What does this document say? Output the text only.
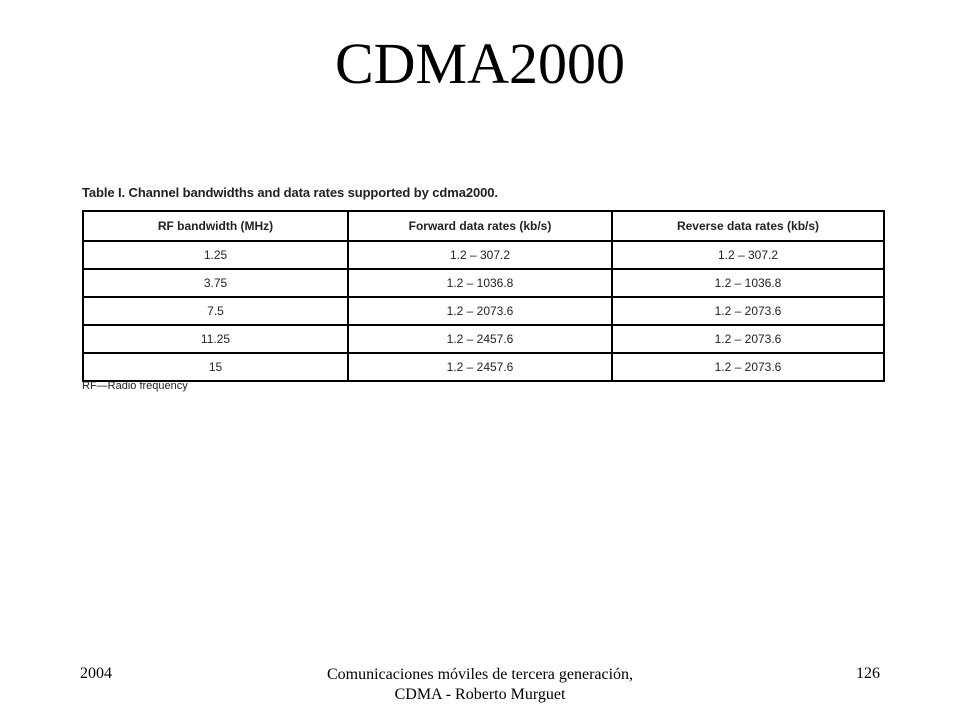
CDMA2000
Table I. Channel bandwidths and data rates supported by cdma2000.
RF bandwidth (MHz)	Forward data rates (kb/s)	Reverse data rates (kb/s)
1.25	1.2 – 307.2	1.2 – 307.2
3.75	1.2 – 1036.8	1.2 – 1036.8
7.5	1.2 – 2073.6	1.2 – 2073.6
11.25	1.2 – 2457.6	1.2 – 2073.6
15	1.2 – 2457.6	1.2 – 2073.6
RF—Radio frequency
2004	Comunicaciones móviles de tercera generación, CDMA - Roberto Murguet
126
